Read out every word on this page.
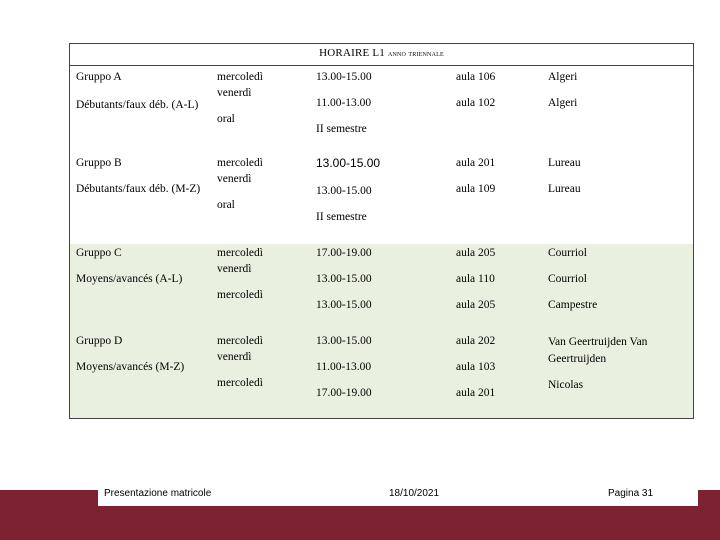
HORAIRE L1 anno triennale
Gruppo A
Débutants/faux déb. (A-L)
mercoledì
venerdì
oral
13.00-15.00
11.00-13.00
II semestre
aula 106
aula 102
Algeri
Algeri
Gruppo B
Débutants/faux déb. (M-Z)
mercoledì
venerdì
oral
13.00-15.00
13.00-15.00
II semestre
aula 201
aula 109
Lureau
Lureau
Gruppo C
Moyens/avancés (A-L)
mercoledì
venerdì
mercoledì
17.00-19.00
13.00-15.00
13.00-15.00
aula 205
aula 110
aula 205
Courriol
Courriol
Campestre
Gruppo D
Moyens/avancés (M-Z)
mercoledì
venerdì
mercoledì
13.00-15.00
11.00-13.00
17.00-19.00
aula 202
aula 103
aula 201
Van Geertruijden Van Geertruijden
Nicolas
Presentazione matricole	18/10/2021	Pagina 31
